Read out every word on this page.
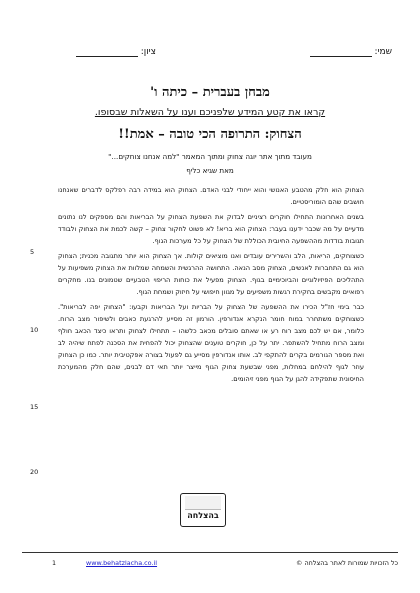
שמי:
ציון:
מבחן בעברית – כיתה ו'
קראו את קטע המידע שלפניכם וענו על השאלות שבסופו.
הצחוק: התרופה הכי טובה – אמת!!
מעובד מתוך אתר יוגה צחוק ומתוך המאמר "למה אנחנו צוחקים..."
מאת שגיא כליף

הצחוק הוא חלק מהטבע האנושי והוא ייחודי לבני האדם. הצחוק הוא במידה רבה רפלקס לדברים שאנחנו חושבים שהם הומוריסטיים.

בשנים האחרונות התחילו חוקרים רציניים לבדוק את השפעת הצחוק על הבריאות והם מספקים לנו נתונים מדעיים על מה שכבר ידענו בעבר: הצחוק הוא בריא! לא פשוט לחקור צחוק – קשה לכמת את הצחוק ולבודד תגובות בודדות מההשפעה החיובית הכוללת של הצחוק על כל מערכות הגוף.

כשצוחקים, הריאות, הלב והשרירים עובדים ואנו מוציאים קולות. אך הצחוק הוא יותר מתגובה מכנית; הצחוק הוא גם התחברות לאנשים, הצחוק מסב הנאה. התחושה ההרגשית והשמחה שמלוות את הצחוק משפיעות על התהליכים הפיזיולוגיים והביוכימיים בגוף. הצחוק מפעיל את כוחות הריפוי הטבעיים שטמונים בנו. מחקרים רפואיים מקבשים בחקירת רגשות משפיעים על מגוון חיפושי על חיזוק ושמחת הגוף.

כבר בימי חז"ל הכירו את ההשפעה של הצחוק על הבריות ועל הבריאות וקבעו: "הצחוק יפה לבריאות". כשצוחקים משתחרר במוח חומר הנקרא אנדורפין. הורמון זה מסייע להרגעת כאבים ולשיפור מצב הרוח. כלומר, אם יש לכם מצב רוח רע או שאתם סובלים מכאב כלשהו – תתחילו לצחוק ותראו כיצד הכאב חולף ומצב הרוח מתחיל להשתפר. יתר על כן, חוקרים טוענים שהצחוק יכול להפחית את הסכנה לפתח שיהיה לב ואת מספר הגורמים בקרים להתקפי לב. אותו אנדורפין מסייע גם לפעול בצורה אפקטיבית יותר. כמו כן הצחוק עוזר לגוף להילחם במחלות, מפני שבשעת צחוק הגוף מייצר יותר תאי דם לבנים, שהם חלק מהמערכת החיסונית שתפקידה להגן על הגוף מפני זיהומים.

5
10
15
20
בהצלחה
1	www.behatzlacha.co.il	כל הזכויות שמורות לאתר בהצלחה ©
